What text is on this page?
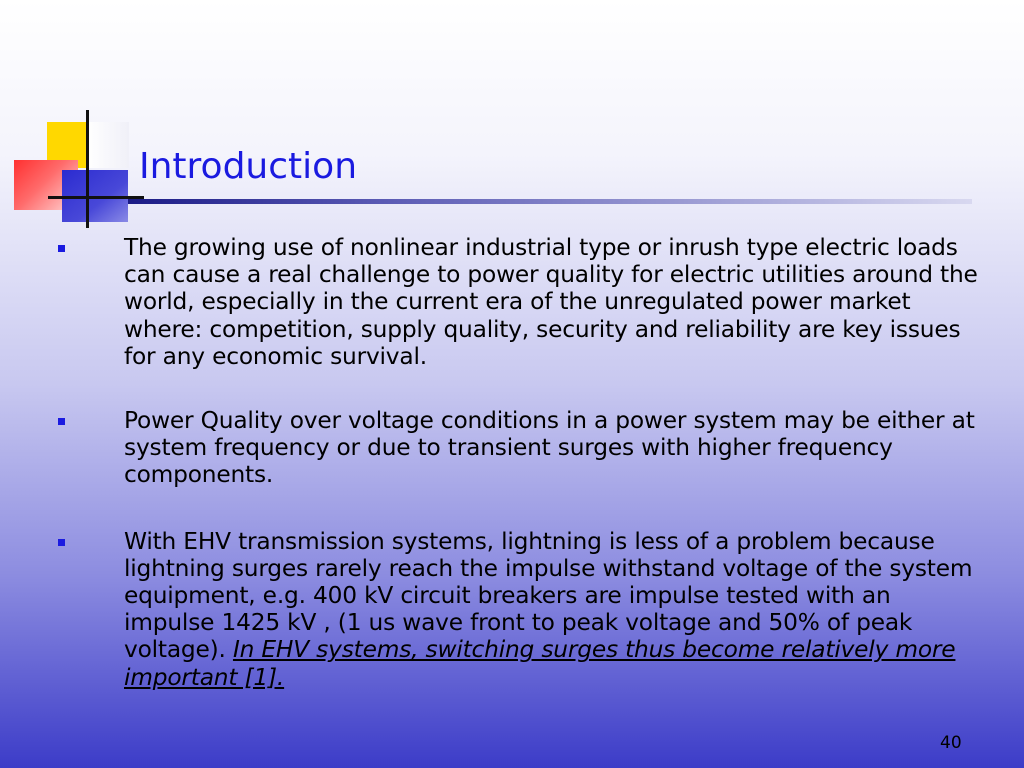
Introduction
The growing use of nonlinear industrial type or inrush type electric loads can cause a real challenge to power quality for electric utilities around the world, especially in the current era of the unregulated power market where: competition, supply quality, security and reliability are key issues for any economic survival.
Power Quality over voltage conditions in a power system may be either at system frequency or due to transient surges with higher frequency components.
With EHV transmission systems, lightning is less of a problem because lightning surges rarely reach the impulse withstand voltage of the system equipment, e.g. 400 kV circuit breakers are impulse tested with an impulse 1425 kV , (1 us wave front to peak voltage and 50% of peak voltage). In EHV systems, switching surges thus become relatively more important [1].
40
